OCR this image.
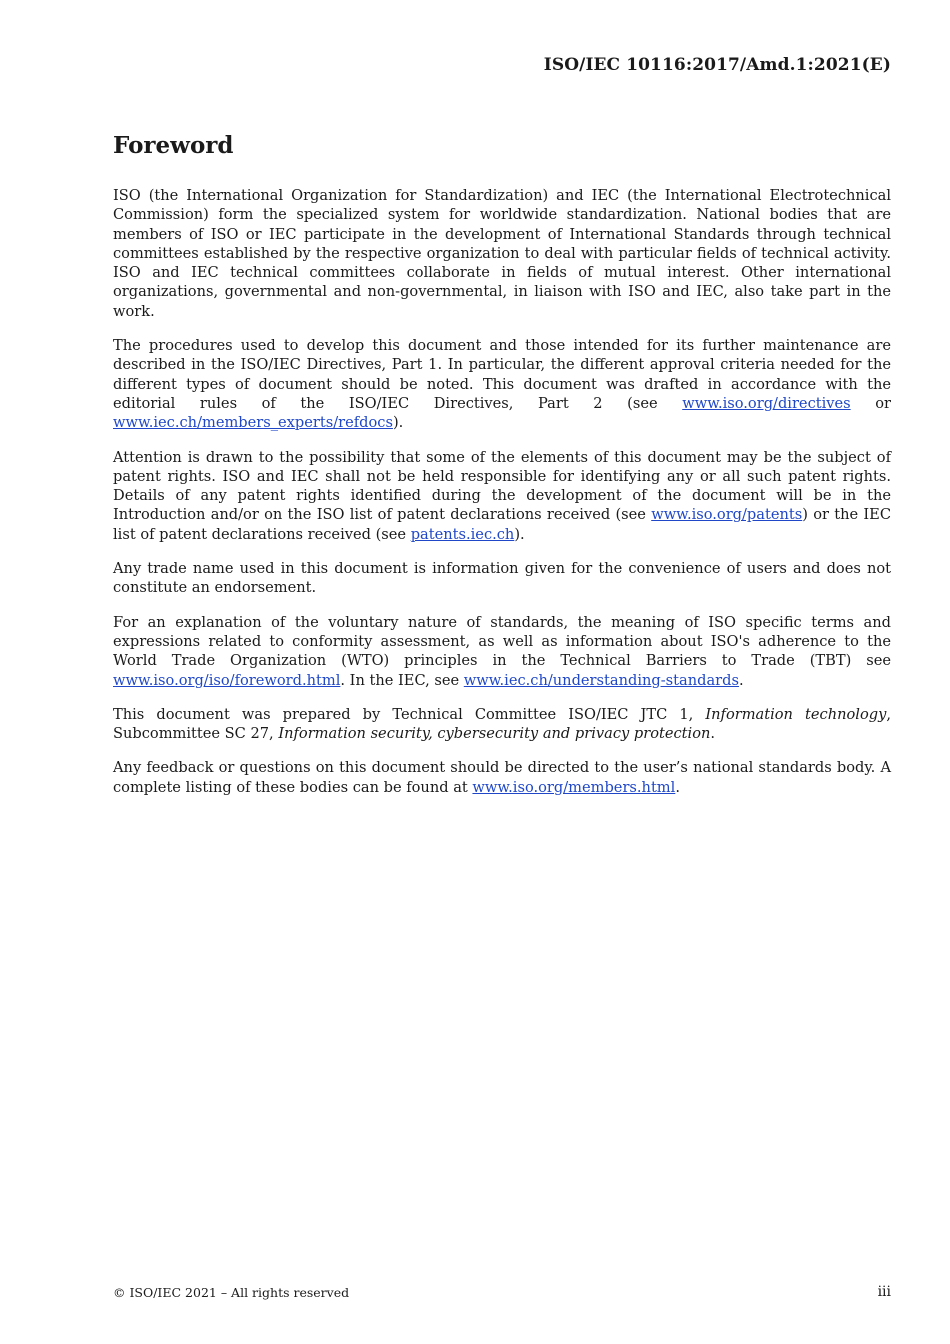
ISO/IEC 10116:2017/Amd.1:2021(E)
Foreword

ISO (the International Organization for Standardization) and IEC (the International Electrotechnical Commission) form the specialized system for worldwide standardization. National bodies that are members of ISO or IEC participate in the development of International Standards through technical committees established by the respective organization to deal with particular fields of technical activity. ISO and IEC technical committees collaborate in fields of mutual interest. Other international organizations, governmental and non-governmental, in liaison with ISO and IEC, also take part in the work.

The procedures used to develop this document and those intended for its further maintenance are described in the ISO/IEC Directives, Part 1. In particular, the different approval criteria needed for the different types of document should be noted. This document was drafted in accordance with the editorial rules of the ISO/IEC Directives, Part 2 (see www.iso.org/directives or www.iec.ch/members_experts/refdocs).

Attention is drawn to the possibility that some of the elements of this document may be the subject of patent rights. ISO and IEC shall not be held responsible for identifying any or all such patent rights. Details of any patent rights identified during the development of the document will be in the Introduction and/or on the ISO list of patent declarations received (see www.iso.org/patents) or the IEC list of patent declarations received (see patents.iec.ch).

Any trade name used in this document is information given for the convenience of users and does not constitute an endorsement.

For an explanation of the voluntary nature of standards, the meaning of ISO specific terms and expressions related to conformity assessment, as well as information about ISO's adherence to the World Trade Organization (WTO) principles in the Technical Barriers to Trade (TBT) see www.iso.org/iso/foreword.html. In the IEC, see www.iec.ch/understanding-standards.

This document was prepared by Technical Committee ISO/IEC JTC 1, Information technology, Subcommittee SC 27, Information security, cybersecurity and privacy protection.

Any feedback or questions on this document should be directed to the user’s national standards body. A complete listing of these bodies can be found at www.iso.org/members.html.

© ISO/IEC 2021 – All rights reserved	iii
